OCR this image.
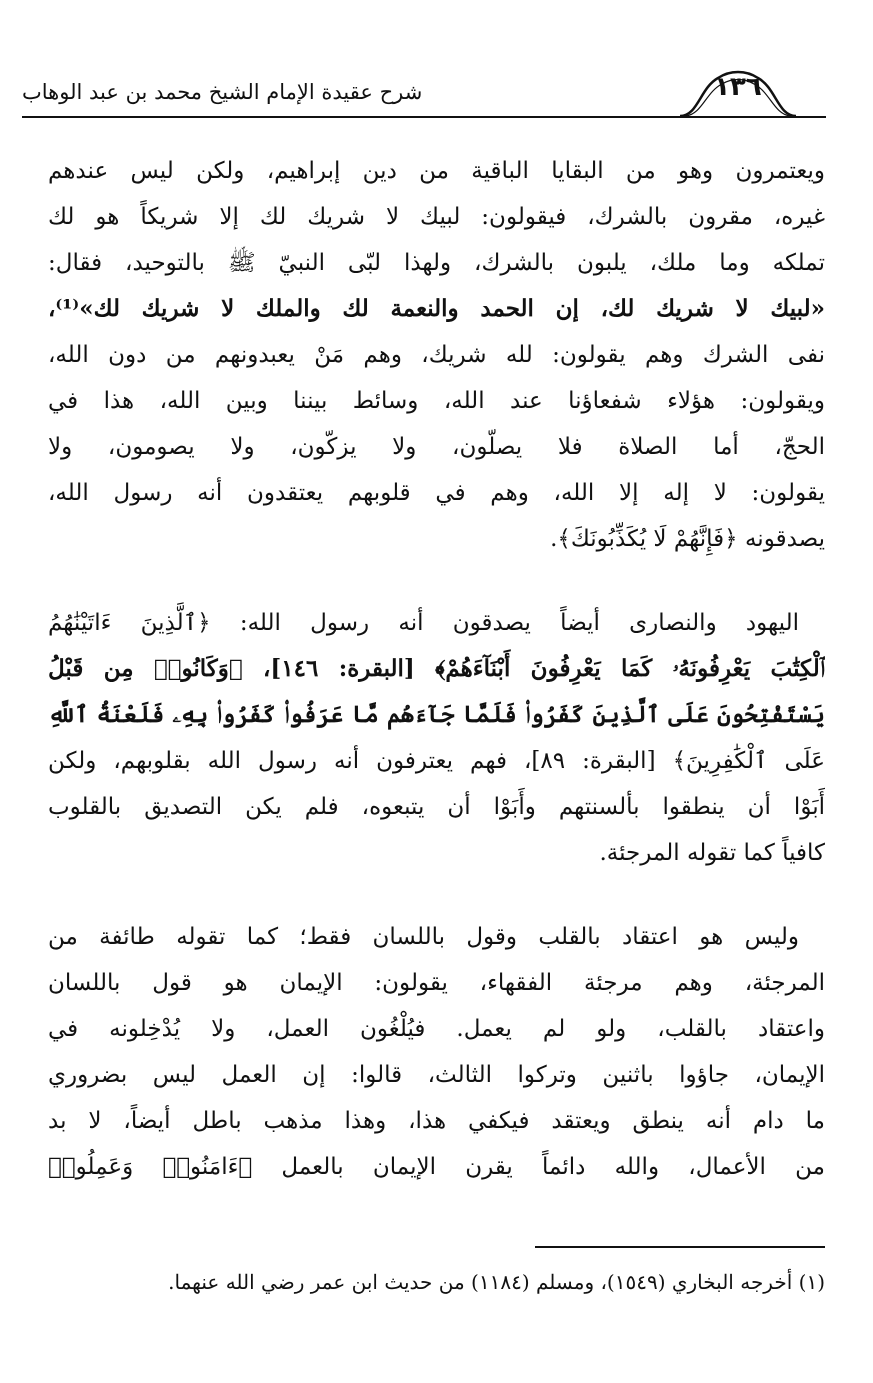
شرح عقيدة الإمام الشيخ محمد بن عبد الوهاب	١٣٦
ويعتمرون وهو من البقايا الباقية من دين إبراهيم، ولكن ليس عندهم
غيره، مقرون بالشرك، فيقولون: لبيك لا شريك لك إلا شريكاً هو لك
تملكه وما ملك، يلبون بالشرك، ولهذا لبّى النبيّ ﷺ بالتوحيد، فقال:
«لبيك لا شريك لك، إن الحمد والنعمة لك والملك لا شريك لك»⁽¹⁾،
نفى الشرك وهم يقولون: لله شريك، وهم مَنْ يعبدونهم من دون الله،
ويقولون: هؤلاء شفعاؤنا عند الله، وسائط بيننا وبين الله، هذا في
الحجّ، أما الصلاة فلا يصلّون، ولا يزكّون، ولا يصومون، ولا
يقولون: لا إله إلا الله، وهم في قلوبهم يعتقدون أنه رسول الله،
يصدقونه ﴿فَإِنَّهُمْ لَا يُكَذِّبُونَكَ﴾.
اليهود والنصارى أيضاً يصدقون أنه رسول الله: ﴿ٱلَّذِينَ ءَاتَيْنَٰهُمُ
ٱلْكِتَٰبَ يَعْرِفُونَهُۥ كَمَا يَعْرِفُونَ أَبْنَآءَهُمْ﴾ [البقرة: ١٤٦]، ﴿وَكَانُوا۟ مِن قَبْلُ
يَسْتَفْتِحُونَ عَلَى ٱلَّذِينَ كَفَرُوا۟ فَلَمَّا جَآءَهُم مَّا عَرَفُوا۟ كَفَرُوا۟ بِهِۦ فَلَعْنَةُ ٱللَّهِ
عَلَى ٱلْكَٰفِرِينَ﴾ [البقرة: ٨٩]، فهم يعترفون أنه رسول الله بقلوبهم، ولكن
أَبَوْا أن ينطقوا بألسنتهم وأَبَوْا أن يتبعوه، فلم يكن التصديق بالقلوب
كافياً كما تقوله المرجئة.
وليس هو اعتقاد بالقلب وقول باللسان فقط؛ كما تقوله طائفة من
المرجئة، وهم مرجئة الفقهاء، يقولون: الإيمان هو قول باللسان
واعتقاد بالقلب، ولو لم يعمل. فيُلْغُون العمل، ولا يُدْخِلونه في
الإيمان، جاؤوا باثنين وتركوا الثالث، قالوا: إن العمل ليس بضروري
ما دام أنه ينطق ويعتقد فيكفي هذا، وهذا مذهب باطل أيضاً، لا بد
من الأعمال، والله دائماً يقرن الإيمان بالعمل ﴿ءَامَنُوا۟ وَعَمِلُوا۟
(١) أخرجه البخاري (١٥٤٩)، ومسلم (١١٨٤) من حديث ابن عمر رضي الله عنهما.
